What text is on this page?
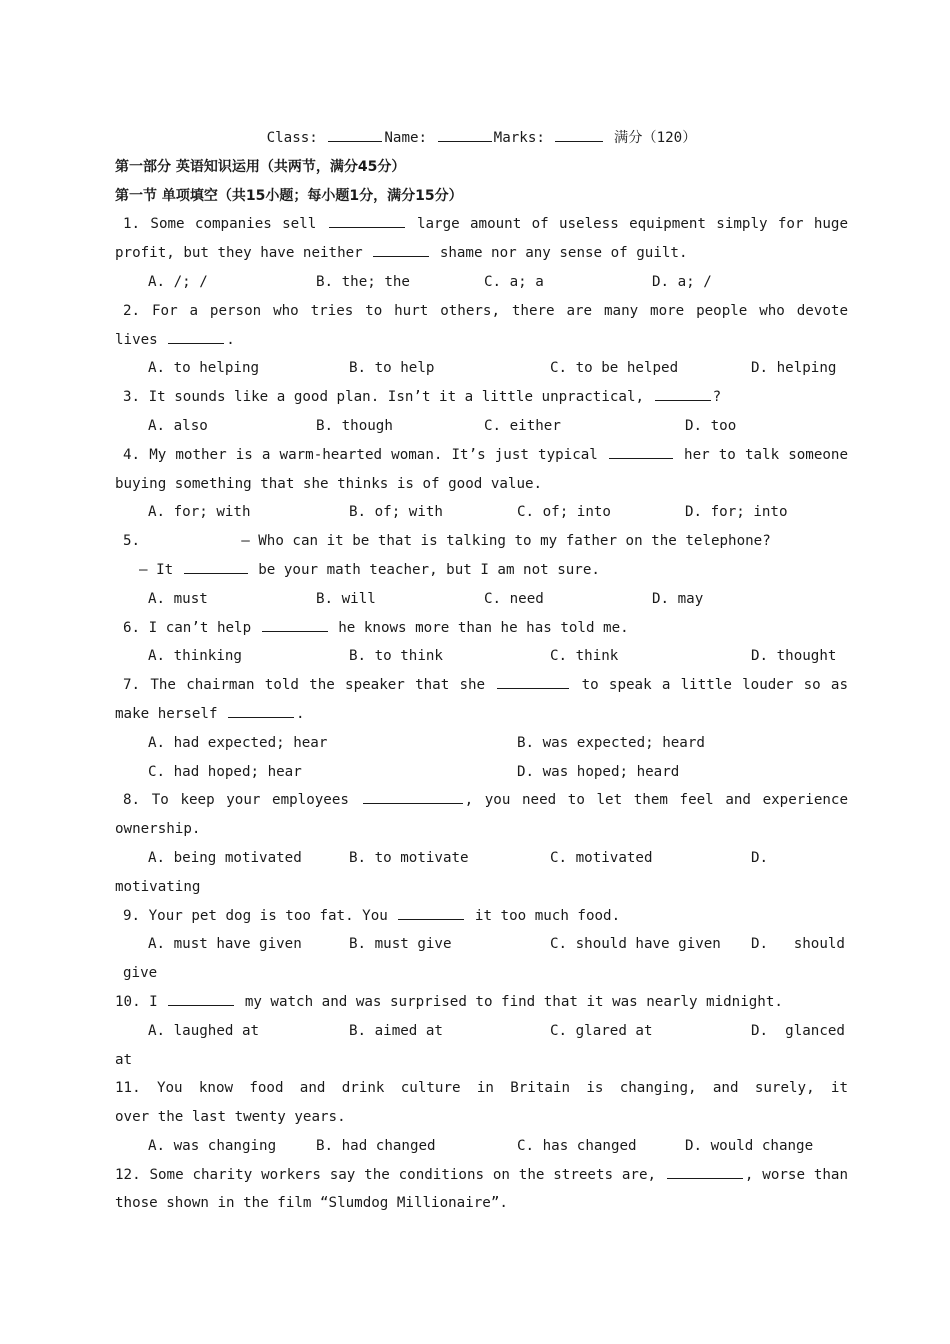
Class:	Name:	Marks:	满分（120）
第一部分 英语知识运用（共两节，满分45分）
第一节 单项填空（共15小题；每小题1分，满分15分）
1. Some companies sell	large amount of useless equipment simply for huge
profit, but they have neither	shame nor any sense of guilt.
A. /; /	B. the; the	C. a; a	D. a; /
2. For a person who tries to hurt others, there are many more people who devote
lives	.
A. to helping	B. to help	C. to be helped	D. helping
3. It sounds like a good plan. Isn’t it a little unpractical,	?
A. also	B. though	C. either	D. too
4. My mother is a warm-hearted woman. It’s just typical	her to talk someone
buying something that she thinks is of good value.
A. for; with	B. of; with	C. of; into	D. for; into
5.	— Who can it be that is talking to my father on the telephone?
— It	be your math teacher, but I am not sure.
A. must	B. will	C. need	D. may
6. I can’t help	he knows more than he has told me.
A. thinking	B. to think	C. think	D. thought
7. The chairman told the speaker that she	to speak a little louder so as
make herself	.
A. had expected; hear	B. was expected; heard
C. had hoped; hear	D. was hoped; heard
8. To keep your employees	, you need to let them feel and experience
ownership.
A. being motivated	B. to motivate	C. motivated	D.
motivating
9. Your pet dog is too fat. You	it too much food.
A. must have given	B. must give	C. should have given	D.   should
give
10. I	my watch and was surprised to find that it was nearly midnight.
A. laughed at	B. aimed at	C. glared at	D.  glanced
at
11. You know food and drink culture in Britain is changing, and surely, it
over the last twenty years.
A. was changing	B. had changed	C. has changed	D. would change
12. Some charity workers say the conditions on the streets are,	, worse than
those shown in the film “Slumdog Millionaire”.
